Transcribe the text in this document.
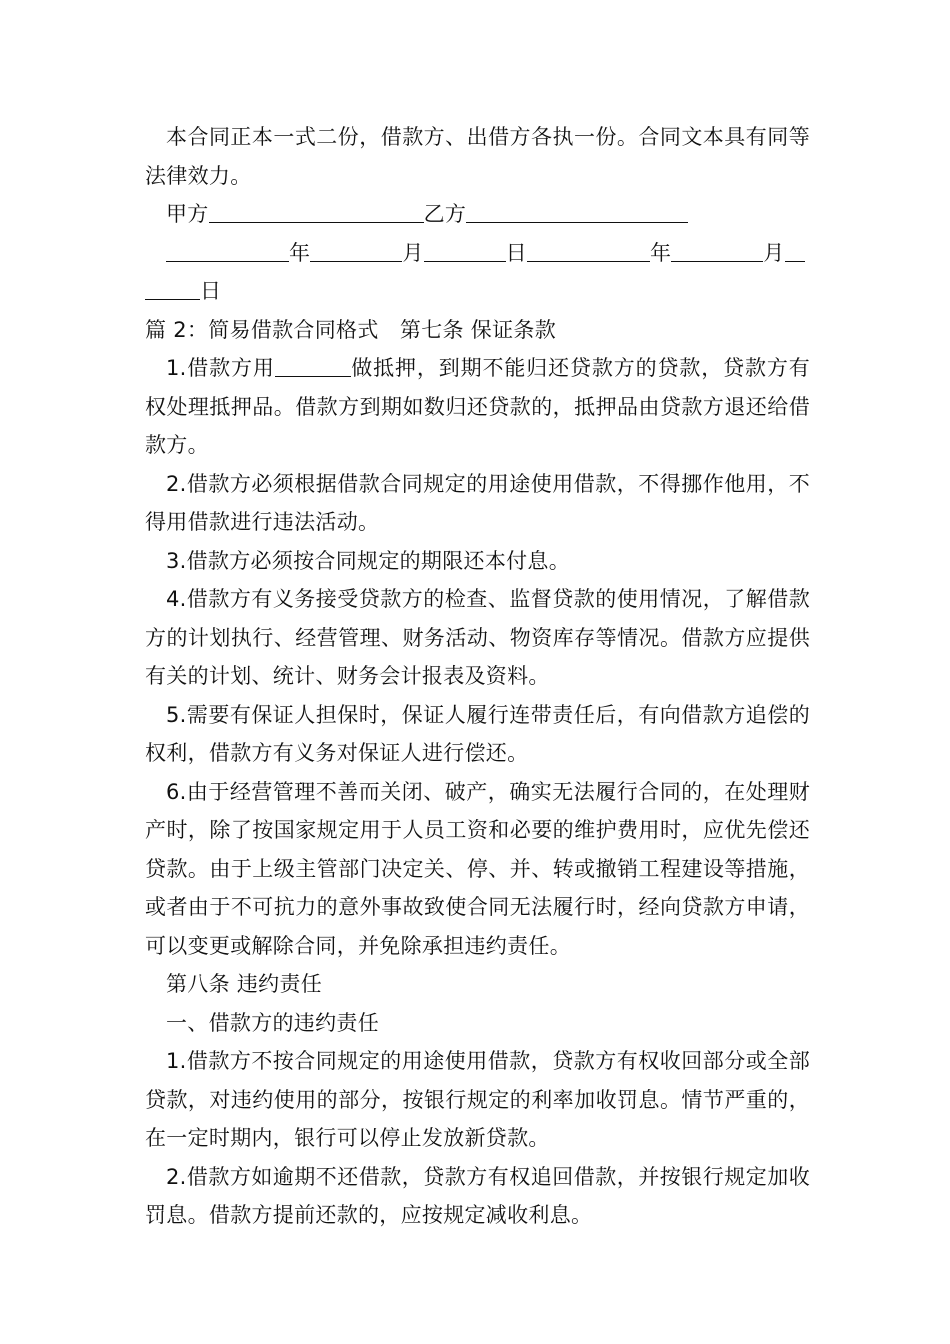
本合同正本一式二份，借款方、出借方各执一份。合同文本具有同等法律效力。

甲方	乙方

年	月	日	年	月
日

篇 2：简易借款合同格式　第七条 保证条款

1.借款方用	做抵押，到期不能归还贷款方的贷款，贷款方有权处理抵押品。借款方到期如数归还贷款的，抵押品由贷款方退还给借款方。

2.借款方必须根据借款合同规定的用途使用借款，不得挪作他用，不得用借款进行违法活动。

3.借款方必须按合同规定的期限还本付息。

4.借款方有义务接受贷款方的检查、监督贷款的使用情况，了解借款方的计划执行、经营管理、财务活动、物资库存等情况。借款方应提供有关的计划、统计、财务会计报表及资料。

5.需要有保证人担保时，保证人履行连带责任后，有向借款方追偿的权利，借款方有义务对保证人进行偿还。

6.由于经营管理不善而关闭、破产，确实无法履行合同的，在处理财产时，除了按国家规定用于人员工资和必要的维护费用时，应优先偿还贷款。由于上级主管部门决定关、停、并、转或撤销工程建设等措施，或者由于不可抗力的意外事故致使合同无法履行时，经向贷款方申请，可以变更或解除合同，并免除承担违约责任。

第八条 违约责任

一、借款方的违约责任

1.借款方不按合同规定的用途使用借款，贷款方有权收回部分或全部贷款，对违约使用的部分，按银行规定的利率加收罚息。情节严重的，在一定时期内，银行可以停止发放新贷款。

2.借款方如逾期不还借款，贷款方有权追回借款，并按银行规定加收罚息。借款方提前还款的，应按规定减收利息。
